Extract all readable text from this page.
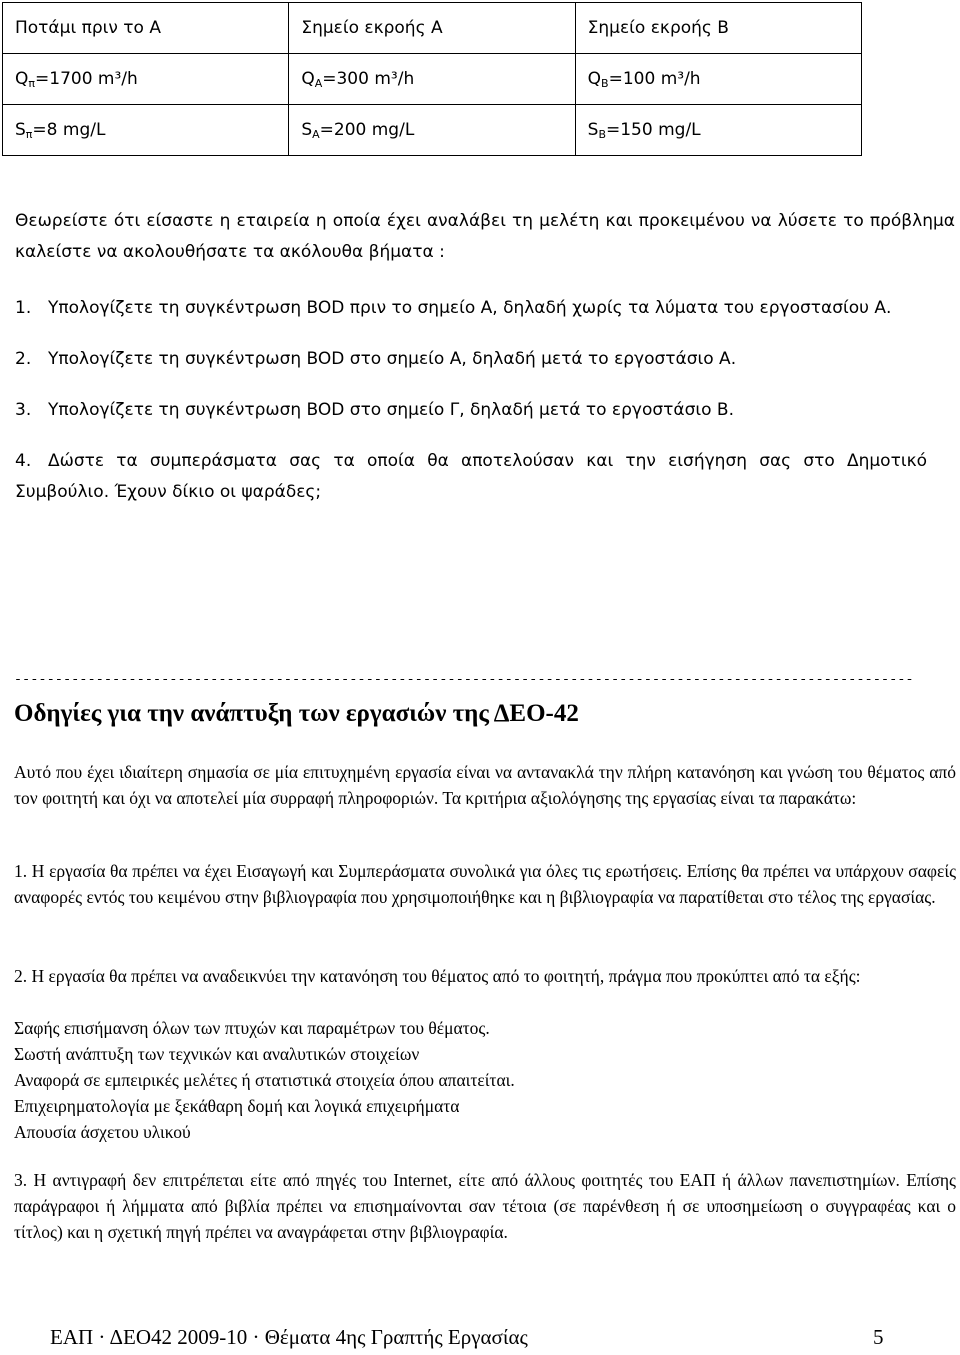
Ποτάμι πριν το Α	Σημείο εκροής Α	Σημείο εκροής Β
$Q_\pi=1700$ m³/h	$Q_A=300$ m³/h	$Q_B=100$ m³/h
$S_\pi=8$ mg/L	$S_A=200$ mg/L	$S_B=150$ mg/L
Θεωρείστε ότι είσαστε η εταιρεία η οποία έχει αναλάβει τη μελέτη και προκειμένου να λύσετε το πρόβλημα καλείστε να ακολουθήσατε τα ακόλουθα βήματα :
1. Υπολογίζετε τη συγκέντρωση BOD πριν το σημείο Α, δηλαδή χωρίς τα λύματα του εργοστασίου Α.
2. Υπολογίζετε τη συγκέντρωση BOD στο σημείο Α, δηλαδή μετά το εργοστάσιο Α.
3. Υπολογίζετε τη συγκέντρωση BOD στο σημείο Γ, δηλαδή μετά το εργοστάσιο Β.
4. Δώστε τα συμπεράσματα σας τα οποία θα αποτελούσαν και την εισήγηση σας στο Δημοτικό Συμβούλιο. Έχουν δίκιο οι ψαράδες;
--------------------------------------------------------------------------------------------------------------
Οδηγίες για την ανάπτυξη των εργασιών της ΔΕΟ-42
Αυτό που έχει ιδιαίτερη σημασία σε μία επιτυχημένη εργασία είναι να αντανακλά την πλήρη κατανόηση και γνώση του θέματος από τον φοιτητή και όχι να αποτελεί μία συρραφή πληροφοριών. Τα κριτήρια αξιολόγησης της εργασίας είναι τα παρακάτω:
1. Η εργασία θα πρέπει να έχει Εισαγωγή και Συμπεράσματα συνολικά για όλες τις ερωτήσεις. Επίσης θα πρέπει να υπάρχουν σαφείς αναφορές εντός του κειμένου στην βιβλιογραφία που χρησιμοποιήθηκε και η βιβλιογραφία να παρατίθεται στο τέλος της εργασίας.
2. Η εργασία θα πρέπει να αναδεικνύει την κατανόηση του θέματος από το φοιτητή, πράγμα που προκύπτει από τα εξής:
Σαφής επισήμανση όλων των πτυχών και παραμέτρων του θέματος.
Σωστή ανάπτυξη των τεχνικών και αναλυτικών στοιχείων
Αναφορά σε εμπειρικές μελέτες ή στατιστικά στοιχεία όπου απαιτείται.
Επιχειρηματολογία με ξεκάθαρη δομή και λογικά επιχειρήματα
Απουσία άσχετου υλικού
3. Η αντιγραφή δεν επιτρέπεται είτε από πηγές του Internet, είτε από άλλους φοιτητές του ΕΑΠ ή άλλων πανεπιστημίων. Επίσης παράγραφοι ή λήμματα από βιβλία πρέπει να επισημαίνονται σαν τέτοια (σε παρένθεση ή σε υποσημείωση ο συγγραφέας και ο τίτλος) και η σχετική πηγή πρέπει να αναγράφεται στην βιβλιογραφία.
ΕΑΠ · ΔΕΟ42 2009-10 · Θέματα 4ης Γραπτής Εργασίας	5
